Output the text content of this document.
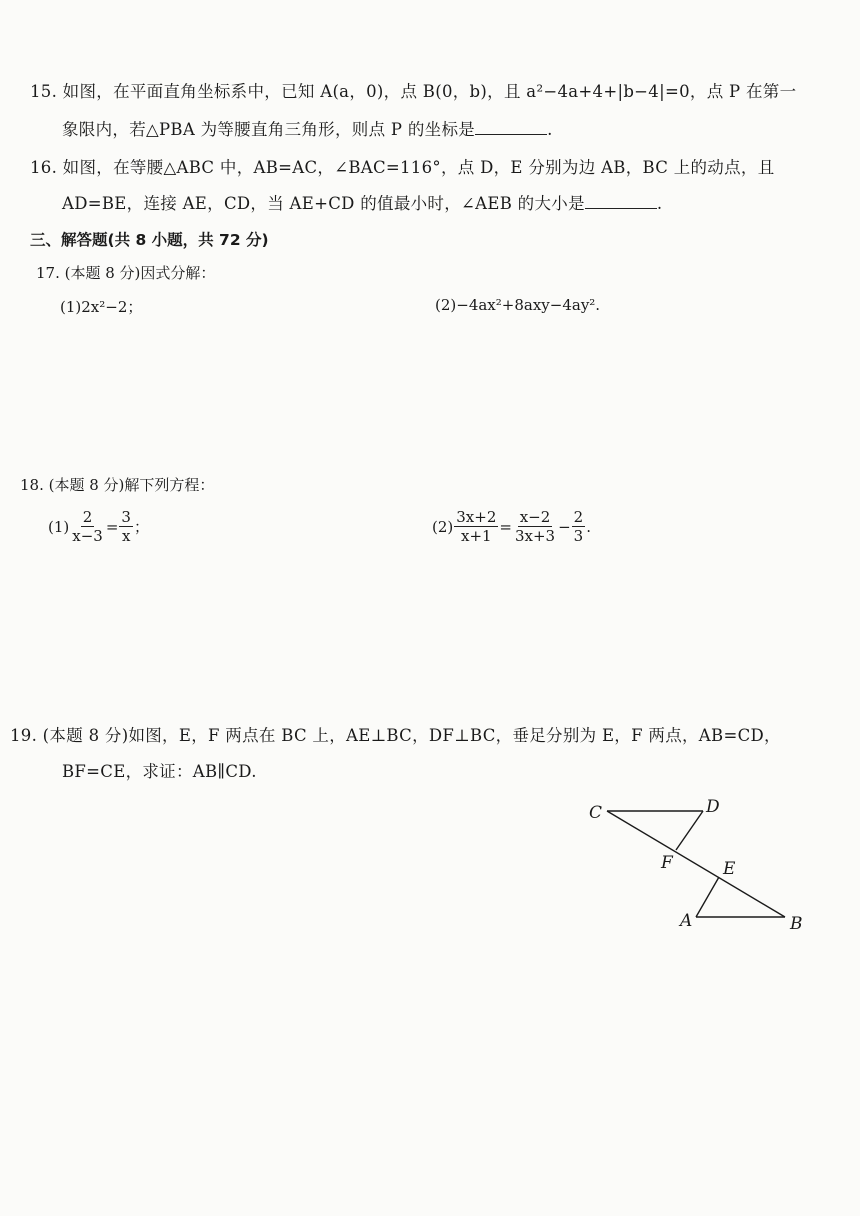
15. 如图，在平面直角坐标系中，已知 A(a，0)，点 B(0，b)，且 a²−4a+4+|b−4|=0，点 P 在第一
象限内，若△PBA 为等腰直角三角形，则点 P 的坐标是	.
16. 如图，在等腰△ABC 中，AB=AC，∠BAC=116°，点 D，E 分别为边 AB，BC 上的动点，且
AD=BE，连接 AE，CD，当 AE+CD 的值最小时，∠AEB 的大小是	.
三、解答题(共 8 小题，共 72 分)
17. (本题 8 分)因式分解：
(1)2x²−2；	(2)−4ax²+8axy−4ay².
18. (本题 8 分)解下列方程：
$(1) \frac{2}{x-3} = \frac{3}{x}$ ；	$(2) \frac{3x+2}{x+1} = \frac{x-2}{3x+3} - \frac{2}{3}$ .
19. (本题 8 分)如图，E，F 两点在 BC 上，AE⊥BC，DF⊥BC，垂足分别为 E，F 两点，AB=CD，
BF=CE，求证：AB∥CD.
C	D
F	E
A	B
